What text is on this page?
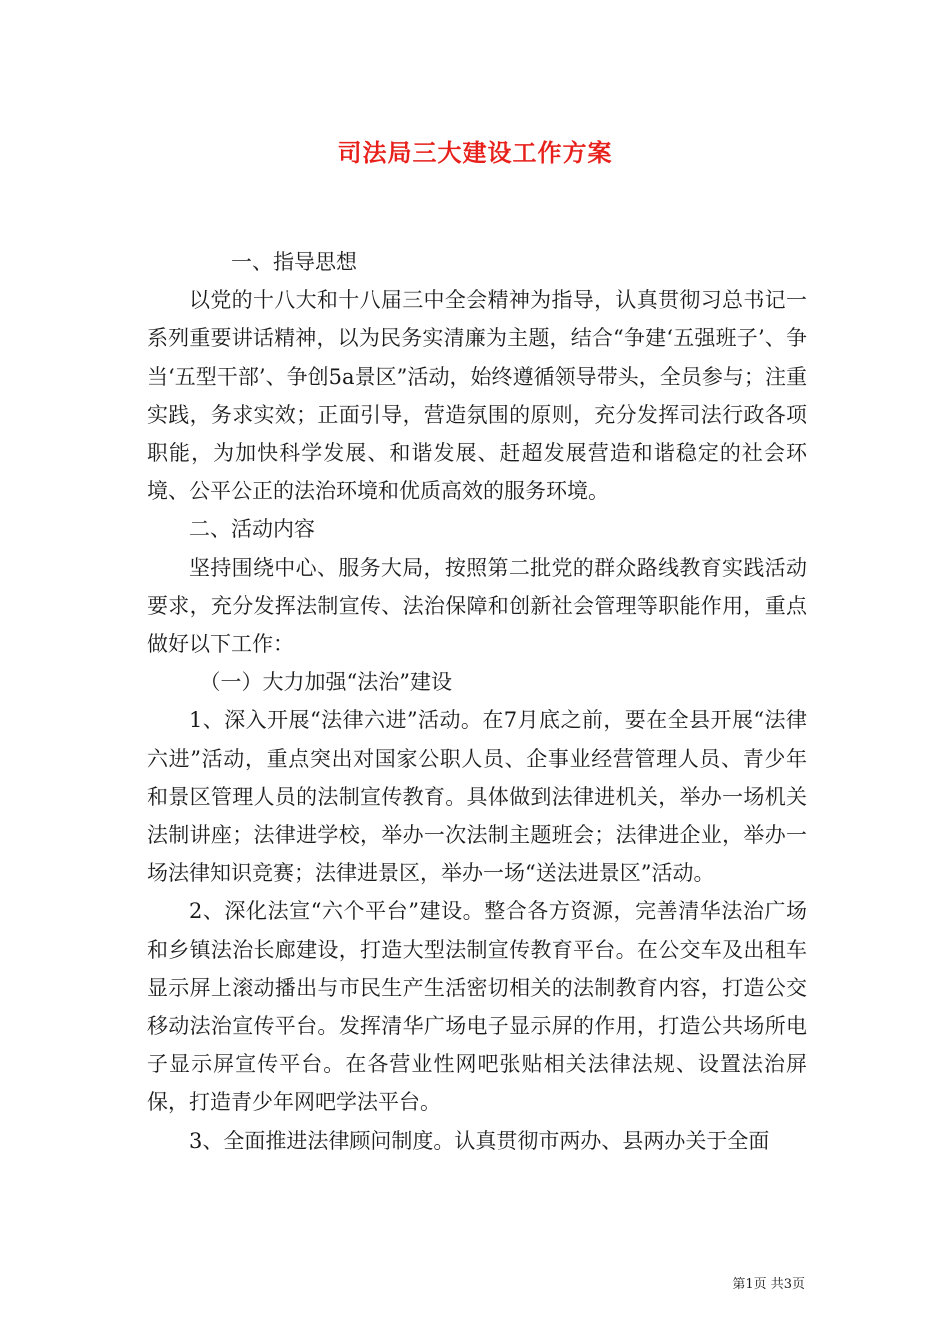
司法局三大建设工作方案

一、指导思想

以党的十八大和十八届三中全会精神为指导，认真贯彻习总书记一系列重要讲话精神，以为民务实清廉为主题，结合“争建‘五强班子’、争当‘五型干部’、争创5a景区”活动，始终遵循领导带头，全员参与；注重实践，务求实效；正面引导，营造氛围的原则，充分发挥司法行政各项职能，为加快科学发展、和谐发展、赶超发展营造和谐稳定的社会环境、公平公正的法治环境和优质高效的服务环境。

二、活动内容

坚持围绕中心、服务大局，按照第二批党的群众路线教育实践活动要求，充分发挥法制宣传、法治保障和创新社会管理等职能作用，重点做好以下工作：

（一）大力加强“法治”建设

1、深入开展“法律六进”活动。在7月底之前，要在全县开展“法律六进”活动，重点突出对国家公职人员、企事业经营管理人员、青少年和景区管理人员的法制宣传教育。具体做到法律进机关，举办一场机关法制讲座；法律进学校，举办一次法制主题班会；法律进企业，举办一场法律知识竞赛；法律进景区，举办一场“送法进景区”活动。

2、深化法宣“六个平台”建设。整合各方资源，完善清华法治广场和乡镇法治长廊建设，打造大型法制宣传教育平台。在公交车及出租车显示屏上滚动播出与市民生产生活密切相关的法制教育内容，打造公交移动法治宣传平台。发挥清华广场电子显示屏的作用，打造公共场所电子显示屏宣传平台。在各营业性网吧张贴相关法律法规、设置法治屏保，打造青少年网吧学法平台。

3、全面推进法律顾问制度。认真贯彻市两办、县两办关于全面

第1页 共3页
